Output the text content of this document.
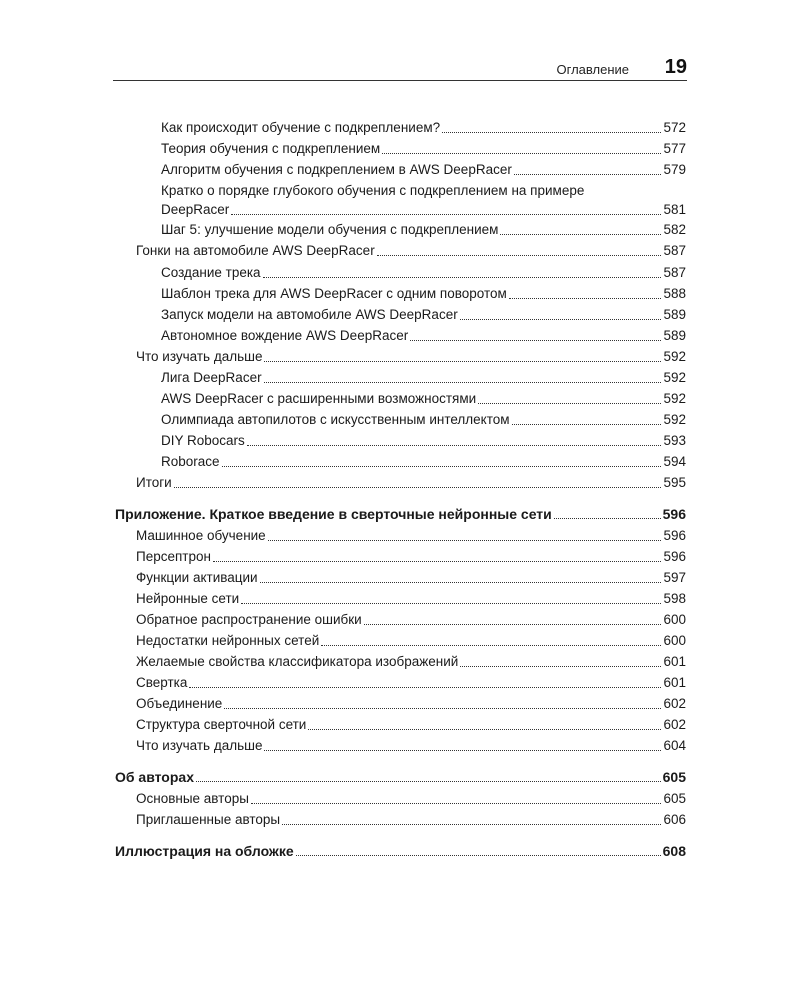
Оглавление 19
Как происходит обучение с подкреплением?	572
Теория обучения с подкреплением	577
Алгоритм обучения с подкреплением в AWS DeepRacer	579
Кратко о порядке глубокого обучения с подкреплением на примере
DeepRacer	581
Шаг 5: улучшение модели обучения с подкреплением	582
Гонки на автомобиле AWS DeepRacer	587
Создание трека	587
Шаблон трека для AWS DeepRacer с одним поворотом	588
Запуск модели на автомобиле AWS DeepRacer	589
Автономное вождение AWS DeepRacer	589
Что изучать дальше	592
Лига DeepRacer	592
AWS DeepRacer с расширенными возможностями	592
Олимпиада автопилотов с искусственным интеллектом	592
DIY Robocars	593
Roborace	594
Итоги	595
Приложение. Краткое введение в сверточные нейронные сети	596
Машинное обучение	596
Персептрон	596
Функции активации	597
Нейронные сети	598
Обратное распространение ошибки	600
Недостатки нейронных сетей	600
Желаемые свойства классификатора изображений	601
Свертка	601
Объединение	602
Структура сверточной сети	602
Что изучать дальше	604
Об авторах	605
Основные авторы	605
Приглашенные авторы	606
Иллюстрация на обложке	608
